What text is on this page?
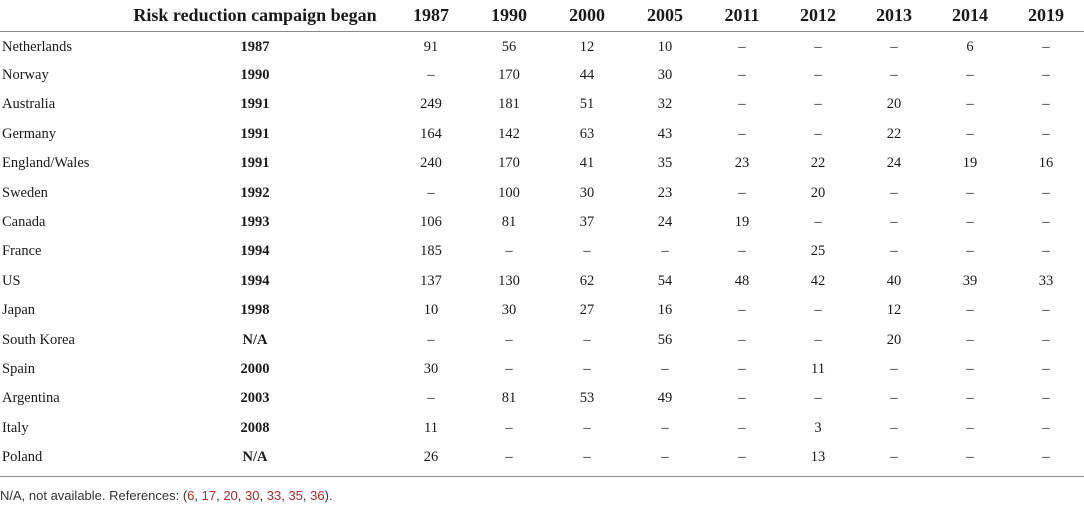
	Risk reduction campaign began	1987	1990	2000	2005	2011	2012	2013	2014	2019
Netherlands	1987	91	56	12	10	–	–	–	6	–
Norway	1990	–	170	44	30	–	–	–	–	–
Australia	1991	249	181	51	32	–	–	20	–	–
Germany	1991	164	142	63	43	–	–	22	–	–
England/Wales	1991	240	170	41	35	23	22	24	19	16
Sweden	1992	–	100	30	23	–	20	–	–	–
Canada	1993	106	81	37	24	19	–	–	–	–
France	1994	185	–	–	–	–	25	–	–	–
US	1994	137	130	62	54	48	42	40	39	33
Japan	1998	10	30	27	16	–	–	12	–	–
South Korea	N/A	–	–	–	56	–	–	20	–	–
Spain	2000	30	–	–	–	–	11	–	–	–
Argentina	2003	–	81	53	49	–	–	–	–	–
Italy	2008	11	–	–	–	–	3	–	–	–
Poland	N/A	26	–	–	–	–	13	–	–	–
N/A, not available. References: (6, 17, 20, 30, 33, 35, 36).
